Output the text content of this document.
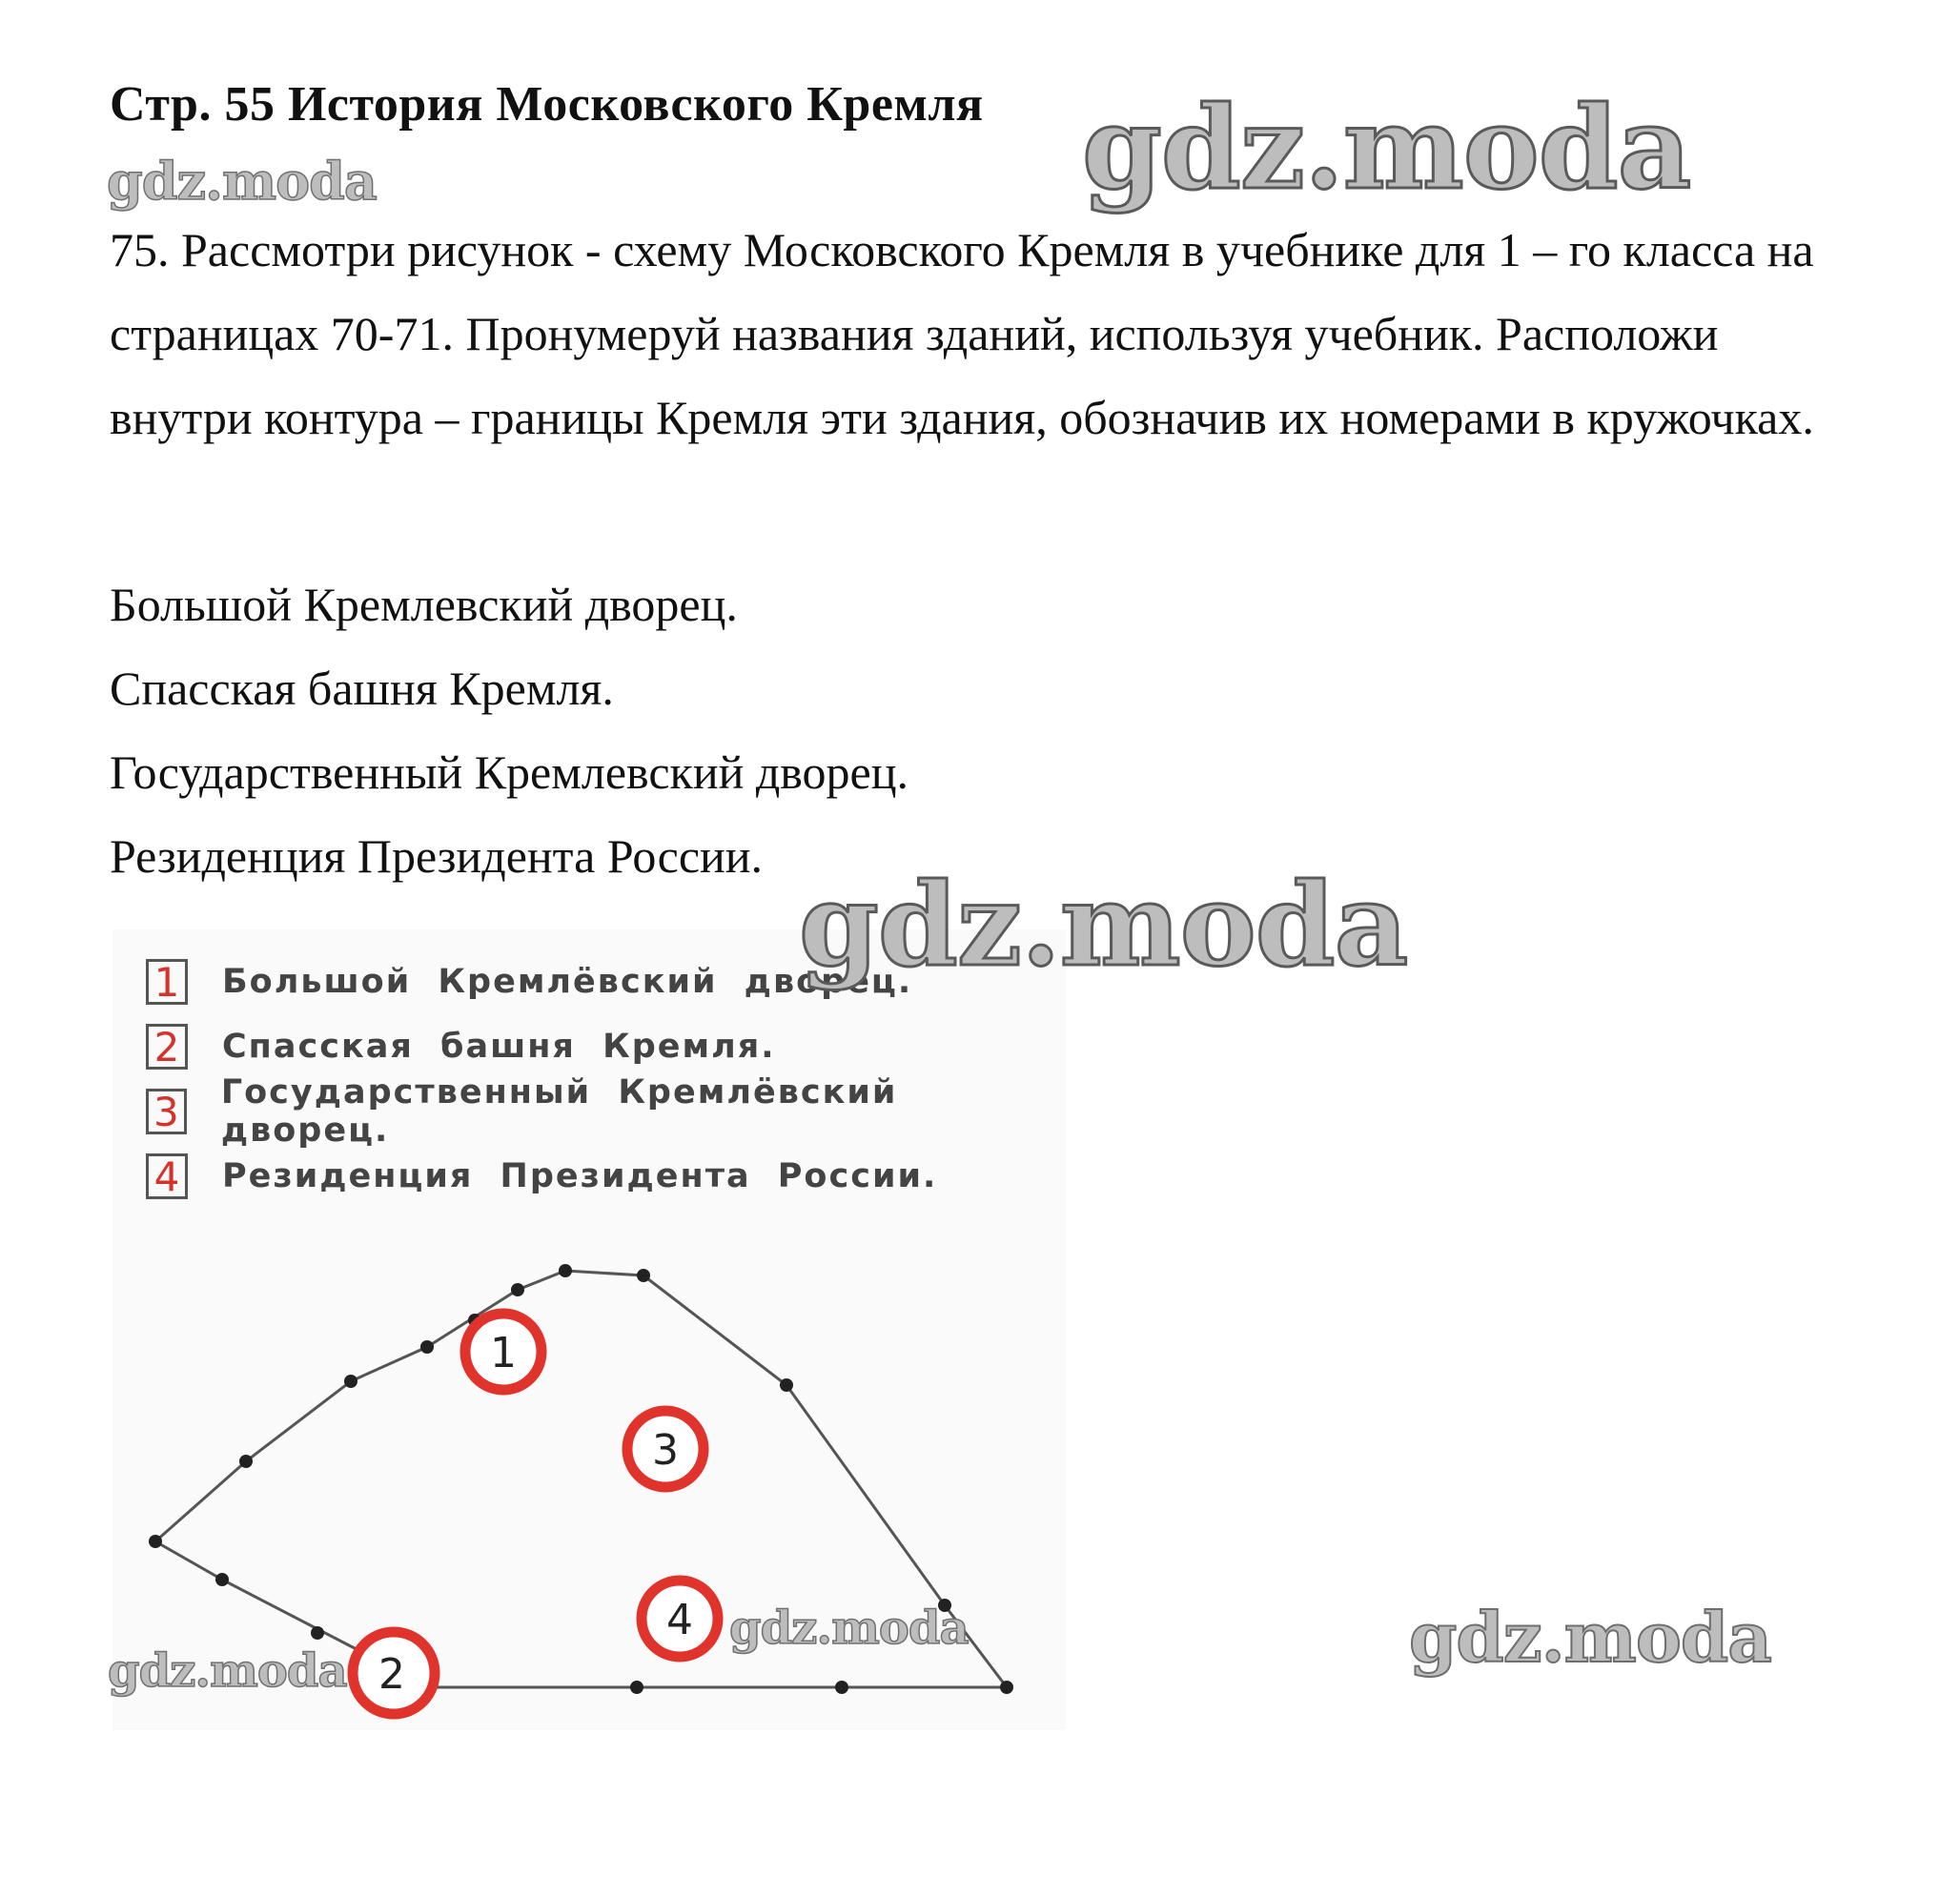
Стр. 55 История Московского Кремля
gdz.moda	gdz.moda
75. Рассмотри рисунок - схему Московского Кремля в учебнике для 1 – го класса на страницах 70-71. Пронумеруй названия зданий, используя учебник. Расположи внутри контура – границы Кремля эти здания, обозначив их номерами в кружочках.
Большой Кремлевский дворец.
Спасская башня Кремля.
Государственный Кремлевский дворец.
Резиденция Президента России.
1 Большой Кремлёвский дворец.
2 Спасская башня Кремля.
3 Государственный Кремлёвский дворец.
4 Резиденция Президента России.
1
3
4
2
gdz.moda
gdz.moda
gdz.moda	gdz.moda
